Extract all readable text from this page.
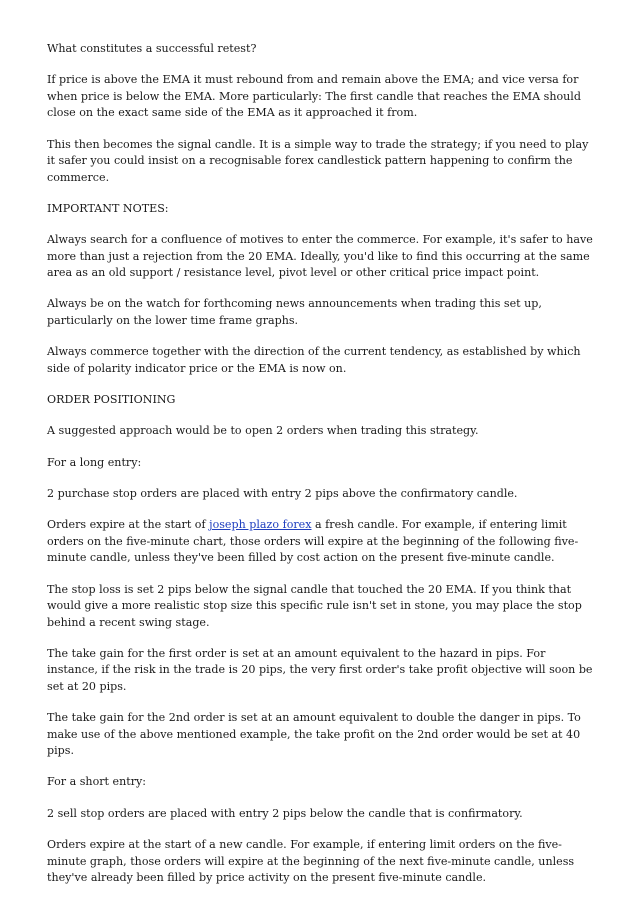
What constitutes a successful retest?

If price is above the EMA it must rebound from and remain above the EMA; and vice versa for when price is below the EMA. More particularly: The first candle that reaches the EMA should close on the exact same side of the EMA as it approached it from.

This then becomes the signal candle. It is a simple way to trade the strategy; if you need to play it safer you could insist on a recognisable forex candlestick pattern happening to confirm the commerce.

IMPORTANT NOTES:

Always search for a confluence of motives to enter the commerce. For example, it's safer to have more than just a rejection from the 20 EMA. Ideally, you'd like to find this occurring at the same area as an old support / resistance level, pivot level or other critical price impact point.

Always be on the watch for forthcoming news announcements when trading this set up, particularly on the lower time frame graphs.

Always commerce together with the direction of the current tendency, as established by which side of polarity indicator price or the EMA is now on.

ORDER POSITIONING

A suggested approach would be to open 2 orders when trading this strategy.

For a long entry:

2 purchase stop orders are placed with entry 2 pips above the confirmatory candle.

Orders expire at the start of joseph plazo forex a fresh candle. For example, if entering limit orders on the five-minute chart, those orders will expire at the beginning of the following five-minute candle, unless they've been filled by cost action on the present five-minute candle.

The stop loss is set 2 pips below the signal candle that touched the 20 EMA. If you think that would give a more realistic stop size this specific rule isn't set in stone, you may place the stop behind a recent swing stage.

The take gain for the first order is set at an amount equivalent to the hazard in pips. For instance, if the risk in the trade is 20 pips, the very first order's take profit objective will soon be set at 20 pips.

The take gain for the 2nd order is set at an amount equivalent to double the danger in pips. To make use of the above mentioned example, the take profit on the 2nd order would be set at 40 pips.

For a short entry:

2 sell stop orders are placed with entry 2 pips below the candle that is confirmatory.

Orders expire at the start of a new candle. For example, if entering limit orders on the five-minute graph, those orders will expire at the beginning of the next five-minute candle, unless they've already been filled by price activity on the present five-minute candle.
